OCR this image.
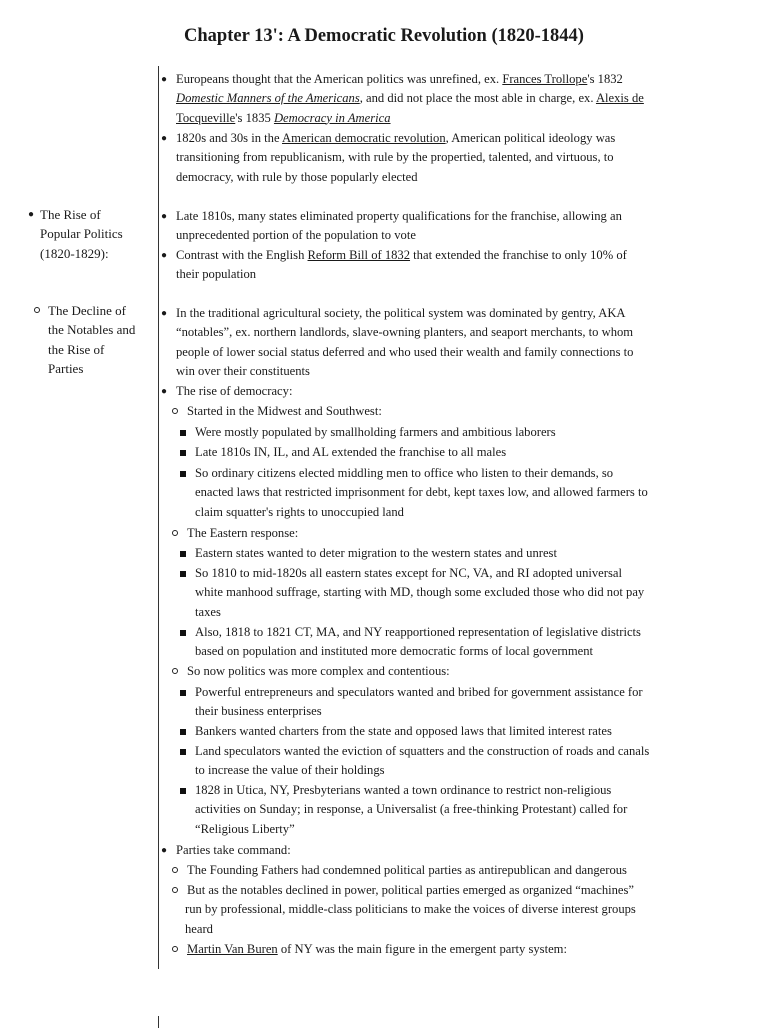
Chapter 13': A Democratic Revolution (1820-1844)
● The Rise of
Popular Politics
(1820-1829):
The Decline of
the Notables and
the Rise of
Parties
● Europeans thought that the American politics was unrefined, ex. Frances Trollope's 1832
Domestic Manners of the Americans, and did not place the most able in charge, ex. Alexis de
Tocqueville's 1835 Democracy in America
● 1820s and 30s in the American democratic revolution, American political ideology was
transitioning from republicanism, with rule by the propertied, talented, and virtuous, to
democracy, with rule by those popularly elected
● Late 1810s, many states eliminated property qualifications for the franchise, allowing an
unprecedented portion of the population to vote
● Contrast with the English Reform Bill of 1832 that extended the franchise to only 10% of
their population
● In the traditional agricultural society, the political system was dominated by gentry, AKA
“notables”, ex. northern landlords, slave-owning planters, and seaport merchants, to whom
people of lower social status deferred and who used their wealth and family connections to
win over their constituents
● The rise of democracy:
Started in the Midwest and Southwest:
Were mostly populated by smallholding farmers and ambitious laborers
Late 1810s IN, IL, and AL extended the franchise to all males
So ordinary citizens elected middling men to office who listen to their demands, so
enacted laws that restricted imprisonment for debt, kept taxes low, and allowed farmers to
claim squatter's rights to unoccupied land
The Eastern response:
Eastern states wanted to deter migration to the western states and unrest
So 1810 to mid-1820s all eastern states except for NC, VA, and RI adopted universal
white manhood suffrage, starting with MD, though some excluded those who did not pay
taxes
Also, 1818 to 1821 CT, MA, and NY reapportioned representation of legislative districts
based on population and instituted more democratic forms of local government
So now politics was more complex and contentious:
Powerful entrepreneurs and speculators wanted and bribed for government assistance for
their business enterprises
Bankers wanted charters from the state and opposed laws that limited interest rates
Land speculators wanted the eviction of squatters and the construction of roads and canals
to increase the value of their holdings
1828 in Utica, NY, Presbyterians wanted a town ordinance to restrict non-religious
activities on Sunday; in response, a Universalist (a free-thinking Protestant) called for
“Religious Liberty”
● Parties take command:
The Founding Fathers had condemned political parties as antirepublican and dangerous
But as the notables declined in power, political parties emerged as organized “machines”
run by professional, middle-class politicians to make the voices of diverse interest groups
heard
Martin Van Buren of NY was the main figure in the emergent party system:
